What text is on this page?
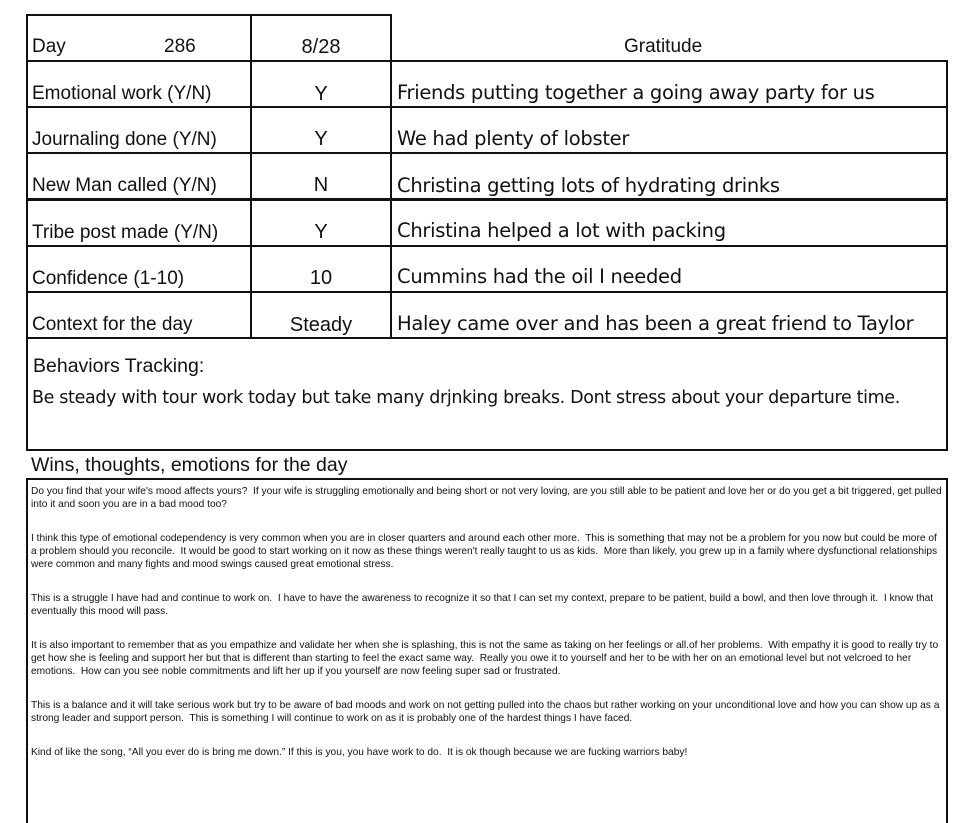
Day	286	8/28	Gratitude
Emotional work (Y/N)	Y	Friends putting together a going away party for us
Journaling done (Y/N)	Y	We had plenty of lobster
New Man called (Y/N)	N	Christina getting lots of hydrating drinks
Tribe post made (Y/N)	Y	Christina helped a lot with packing
Confidence (1-10)	10	Cummins had the oil I needed
Context for the day	Steady	Haley came over and has been a great friend to Taylor
Behaviors Tracking:
Be steady with tour work today but take many drjnking breaks. Dont stress about your departure time.
Wins, thoughts, emotions for the day

Do you find that your wife's mood affects yours?  If your wife is struggling emotionally and being short or not very loving, are you still able to be patient and love her or do you get a bit triggered, get pulled into it and soon you are in a bad mood too?

I think this type of emotional codependency is very common when you are in closer quarters and around each other more.  This is something that may not be a problem for you now but could be more of a problem should you reconcile.  It would be good to start working on it now as these things weren't really taught to us as kids.  More than likely, you grew up in a family where dysfunctional relationships were common and many fights and mood swings caused great emotional stress.

This is a struggle I have had and continue to work on.  I have to have the awareness to recognize it so that I can set my context, prepare to be patient, build a bowl, and then love through it.  I know that eventually this mood will pass.

It is also important to remember that as you empathize and validate her when she is splashing, this is not the same as taking on her feelings or all.of her problems.  With empathy it is good to really try to get how she is feeling and support her but that is different than starting to feel the exact same way.  Really you owe it to yourself and her to be with her on an emotional level but not velcroed to her emotions.  How can you see noble commitments and lift her up if you yourself are now feeling super sad or frustrated.

This is a balance and it will take serious work but try to be aware of bad moods and work on not getting pulled into the chaos but rather working on your unconditional love and how you can show up as a strong leader and support person.  This is something I will continue to work on as it is probably one of the hardest things I have faced.

Kind of like the song, “All you ever do is bring me down.” If this is you, you have work to do.  It is ok though because we are fucking warriors baby!
